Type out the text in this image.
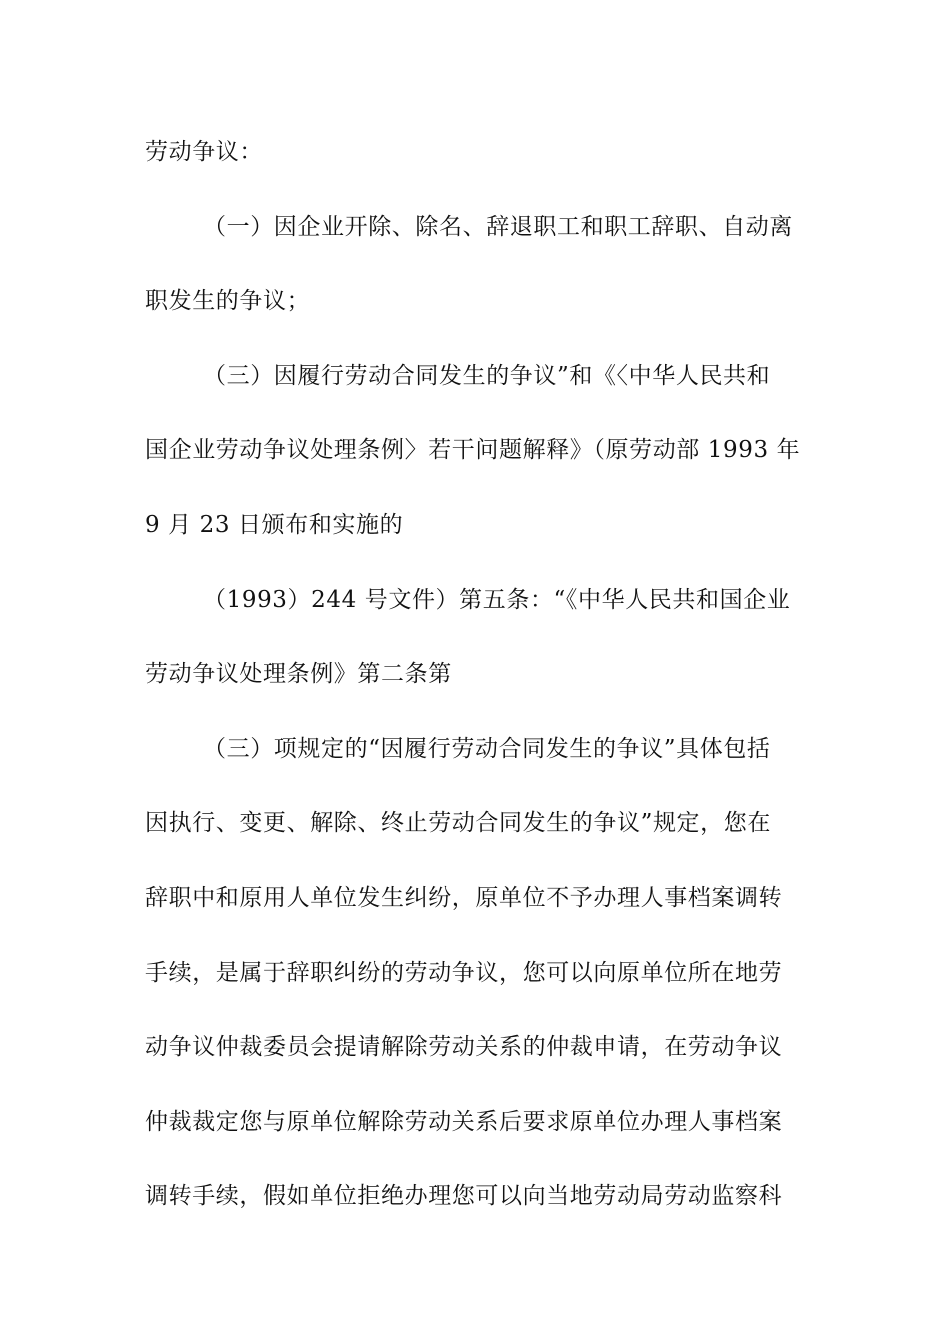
劳动争议：
（一）因企业开除、除名、辞退职工和职工辞职、自动离
职发生的争议；
（三）因履行劳动合同发生的争议”和《〈中华人民共和
国企业劳动争议处理条例〉若干问题解释》（原劳动部 1993 年
9 月 23 日颁布和实施的
（1993）244 号文件）第五条：“《中华人民共和国企业
劳动争议处理条例》第二条第
（三）项规定的“因履行劳动合同发生的争议”具体包括
因执行、变更、解除、终止劳动合同发生的争议”规定，您在
辞职中和原用人单位发生纠纷，原单位不予办理人事档案调转
手续，是属于辞职纠纷的劳动争议，您可以向原单位所在地劳
动争议仲裁委员会提请解除劳动关系的仲裁申请，在劳动争议
仲裁裁定您与原单位解除劳动关系后要求原单位办理人事档案
调转手续，假如单位拒绝办理您可以向当地劳动局劳动监察科
